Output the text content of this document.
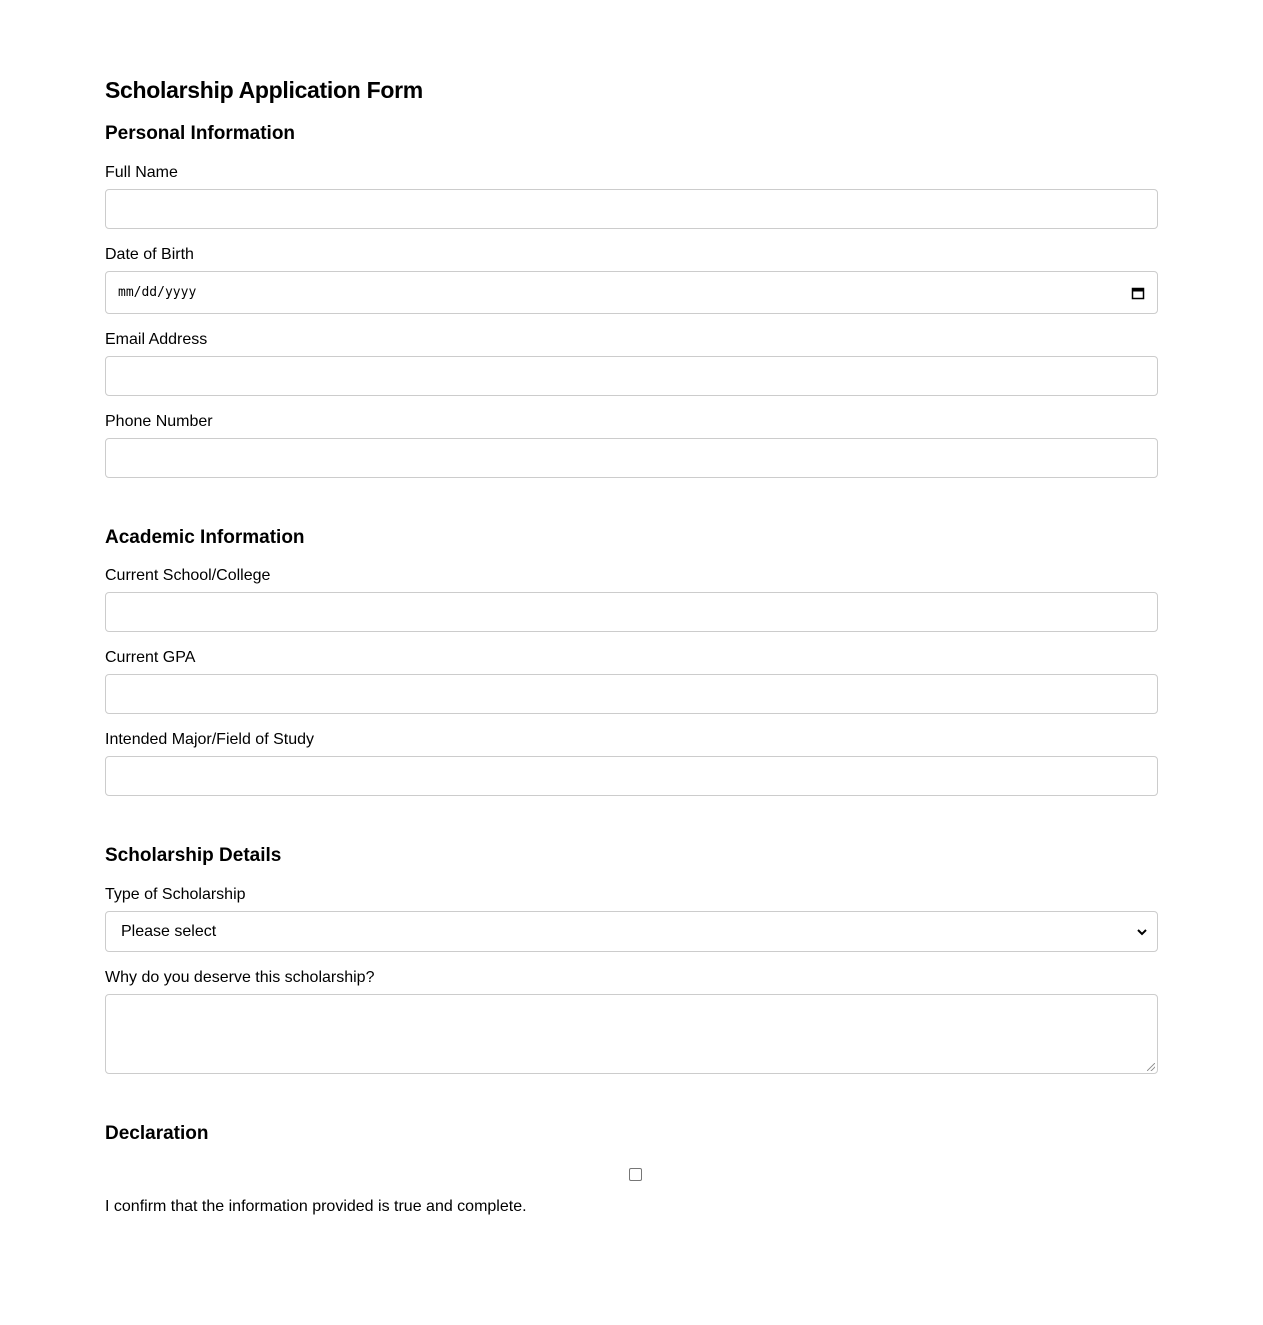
Scholarship Application Form
Personal Information
Full Name
Date of Birth
mm/dd/yyyy
Email Address
Phone Number
Academic Information
Current School/College
Current GPA
Intended Major/Field of Study
Scholarship Details
Type of Scholarship
Please select
Why do you deserve this scholarship?
Declaration
I confirm that the information provided is true and complete.
